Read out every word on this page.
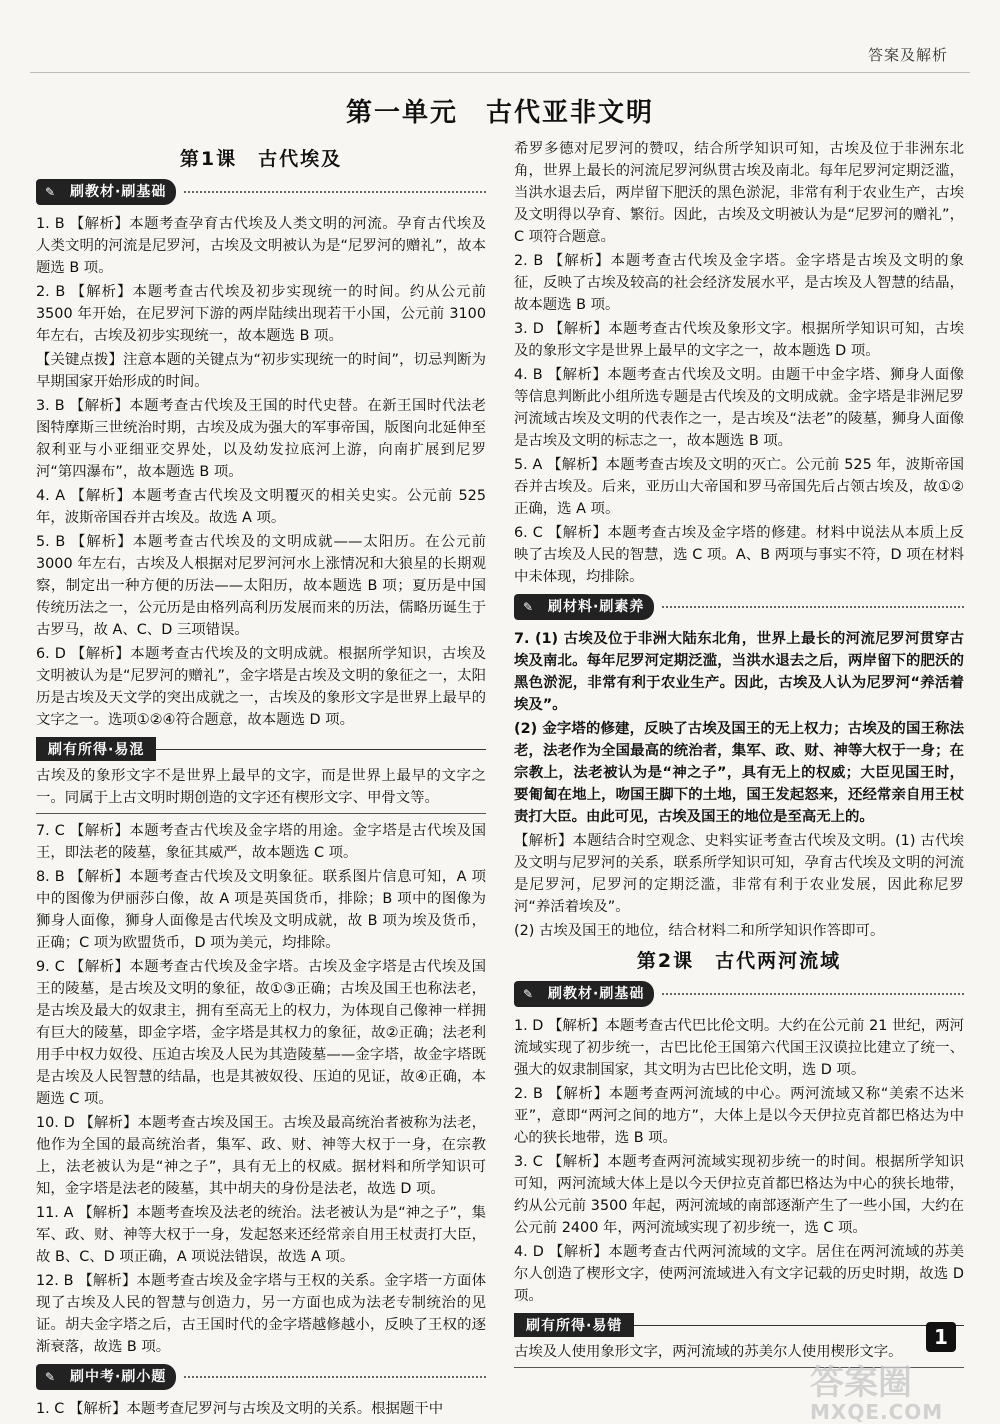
答案及解析
第一单元　古代亚非文明
第1课　古代埃及
✎	刷教材·刷基础

1. B 【解析】本题考查孕育古代埃及人类文明的河流。孕育古代埃及人类文明的河流是尼罗河，古埃及文明被认为是“尼罗河的赠礼”，故本题选 B 项。

2. B 【解析】本题考查古代埃及初步实现统一的时间。约从公元前 3500 年开始，在尼罗河下游的两岸陆续出现若干小国，公元前 3100 年左右，古埃及初步实现统一，故本题选 B 项。

【关键点拨】注意本题的关键点为“初步实现统一的时间”，切忌判断为早期国家开始形成的时间。

3. B 【解析】本题考查古代埃及王国的时代史替。在新王国时代法老图特摩斯三世统治时期，古埃及成为强大的军事帝国，版图向北延伸至叙利亚与小亚细亚交界处，以及幼发拉底河上游，向南扩展到尼罗河“第四瀑布”，故本题选 B 项。

4. A 【解析】本题考查古代埃及文明覆灭的相关史实。公元前 525 年，波斯帝国吞并古埃及。故选 A 项。

5. B 【解析】本题考查古代埃及的文明成就——太阳历。在公元前 3000 年左右，古埃及人根据对尼罗河河水上涨情况和大狼星的长期观察，制定出一种方便的历法——太阳历，故本题选 B 项；夏历是中国传统历法之一，公元历是由格列高利历发展而来的历法，儒略历诞生于古罗马，故 A、C、D 三项错误。

6. D 【解析】本题考查古代埃及的文明成就。根据所学知识，古埃及文明被认为是“尼罗河的赠礼”，金字塔是古埃及文明的象征之一，太阳历是古埃及天文学的突出成就之一，古埃及的象形文字是世界上最早的文字之一。选项①②④符合题意，故本题选 D 项。

刷有所得·易混

古埃及的象形文字不是世界上最早的文字，而是世界上最早的文字之一。同属于上古文明时期创造的文字还有楔形文字、甲骨文等。

7. C 【解析】本题考查古代埃及金字塔的用途。金字塔是古代埃及国王，即法老的陵墓，象征其威严，故本题选 C 项。

8. B 【解析】本题考查古代埃及文明象征。联系图片信息可知，A 项中的图像为伊丽莎白像，故 A 项是英国货币，排除；B 项中的图像为狮身人面像，狮身人面像是古代埃及文明成就，故 B 项为埃及货币，正确；C 项为欧盟货币，D 项为美元，均排除。

9. C 【解析】本题考查古代埃及金字塔。古埃及金字塔是古代埃及国王的陵墓，是古埃及文明的象征，故①③正确；古埃及国王也称法老，是古埃及最大的奴隶主，拥有至高无上的权力，为体现自己像神一样拥有巨大的陵墓，即金字塔，金字塔是其权力的象征，故②正确；法老利用手中权力奴役、压迫古埃及人民为其造陵墓——金字塔，故金字塔既是古埃及人民智慧的结晶，也是其被奴役、压迫的见证，故④正确，本题选 C 项。

10. D 【解析】本题考查古埃及国王。古埃及最高统治者被称为法老，他作为全国的最高统治者，集军、政、财、神等大权于一身，在宗教上，法老被认为是“神之子”，具有无上的权威。据材料和所学知识可知，金字塔是法老的陵墓，其中胡夫的身份是法老，故选 D 项。

11. A 【解析】本题考查埃及法老的统治。法老被认为是“神之子”，集军、政、财、神等大权于一身，发起怒来还经常亲自用王杖责打大臣，故 B、C、D 项正确，A 项说法错误，故选 A 项。

12. B 【解析】本题考查古埃及金字塔与王权的关系。金字塔一方面体现了古埃及人民的智慧与创造力，另一方面也成为法老专制统治的见证。胡夫金字塔之后，古王国时代的金字塔越修越小，反映了王权的逐渐衰落，故选 B 项。

✎	刷中考·刷小题

1. C 【解析】本题考查尼罗河与古埃及文明的关系。根据题干中

希罗多德对尼罗河的赞叹，结合所学知识可知，古埃及位于非洲东北角，世界上最长的河流尼罗河纵贯古埃及南北。每年尼罗河定期泛滥，当洪水退去后，两岸留下肥沃的黑色淤泥，非常有利于农业生产，古埃及文明得以孕育、繁衍。因此，古埃及文明被认为是“尼罗河的赠礼”，C 项符合题意。

2. B 【解析】本题考查古代埃及金字塔。金字塔是古埃及文明的象征，反映了古埃及较高的社会经济发展水平，是古埃及人智慧的结晶，故本题选 B 项。

3. D 【解析】本题考查古代埃及象形文字。根据所学知识可知，古埃及的象形文字是世界上最早的文字之一，故本题选 D 项。

4. B 【解析】本题考查古代埃及文明。由题干中金字塔、狮身人面像等信息判断此小组所选专题是古代埃及的文明成就。金字塔是非洲尼罗河流域古埃及文明的代表作之一，是古埃及“法老”的陵墓，狮身人面像是古埃及文明的标志之一，故本题选 B 项。

5. A 【解析】本题考查古埃及文明的灭亡。公元前 525 年，波斯帝国吞并古埃及。后来，亚历山大帝国和罗马帝国先后占领古埃及，故①②正确，选 A 项。

6. C 【解析】本题考查古埃及金字塔的修建。材料中说法从本质上反映了古埃及人民的智慧，选 C 项。A、B 两项与事实不符，D 项在材料中未体现，均排除。

✎	刷材料·刷素养

7. (1) 古埃及位于非洲大陆东北角，世界上最长的河流尼罗河贯穿古埃及南北。每年尼罗河定期泛滥，当洪水退去之后，两岸留下的肥沃的黑色淤泥，非常有利于农业生产。因此，古埃及人认为尼罗河“养活着埃及”。

(2) 金字塔的修建，反映了古埃及国王的无上权力；古埃及的国王称法老，法老作为全国最高的统治者，集军、政、财、神等大权于一身；在宗教上，法老被认为是“神之子”，具有无上的权威；大臣见国王时，要匍匐在地上，吻国王脚下的土地，国王发起怒来，还经常亲自用王杖责打大臣。由此可见，古埃及国王的地位是至高无上的。

【解析】本题结合时空观念、史料实证考查古代埃及文明。(1) 古代埃及文明与尼罗河的关系，联系所学知识可知，孕育古代埃及文明的河流是尼罗河，尼罗河的定期泛滥，非常有利于农业发展，因此称尼罗河“养活着埃及”。

(2) 古埃及国王的地位，结合材料二和所学知识作答即可。

第2课　古代两河流域
✎	刷教材·刷基础

1. D 【解析】本题考查古代巴比伦文明。大约在公元前 21 世纪，两河流域实现了初步统一，古巴比伦王国第六代国王汉谟拉比建立了统一、强大的奴隶制国家，其文明为古巴比伦文明，选 D 项。

2. B 【解析】本题考查两河流域的中心。两河流域又称“美索不达米亚”，意即“两河之间的地方”，大体上是以今天伊拉克首都巴格达为中心的狭长地带，选 B 项。

3. C 【解析】本题考查两河流域实现初步统一的时间。根据所学知识可知，两河流域大体上是以今天伊拉克首都巴格达为中心的狭长地带，约从公元前 3500 年起，两河流域的南部逐渐产生了一些小国，大约在公元前 2400 年，两河流域实现了初步统一，选 C 项。

4. D 【解析】本题考查古代两河流域的文字。居住在两河流域的苏美尔人创造了楔形文字，使两河流域进入有文字记载的历史时期，故选 D 项。

刷有所得·易错

古埃及人使用象形文字，两河流域的苏美尔人使用楔形文字。

1
答案圈
MXQE.COM
